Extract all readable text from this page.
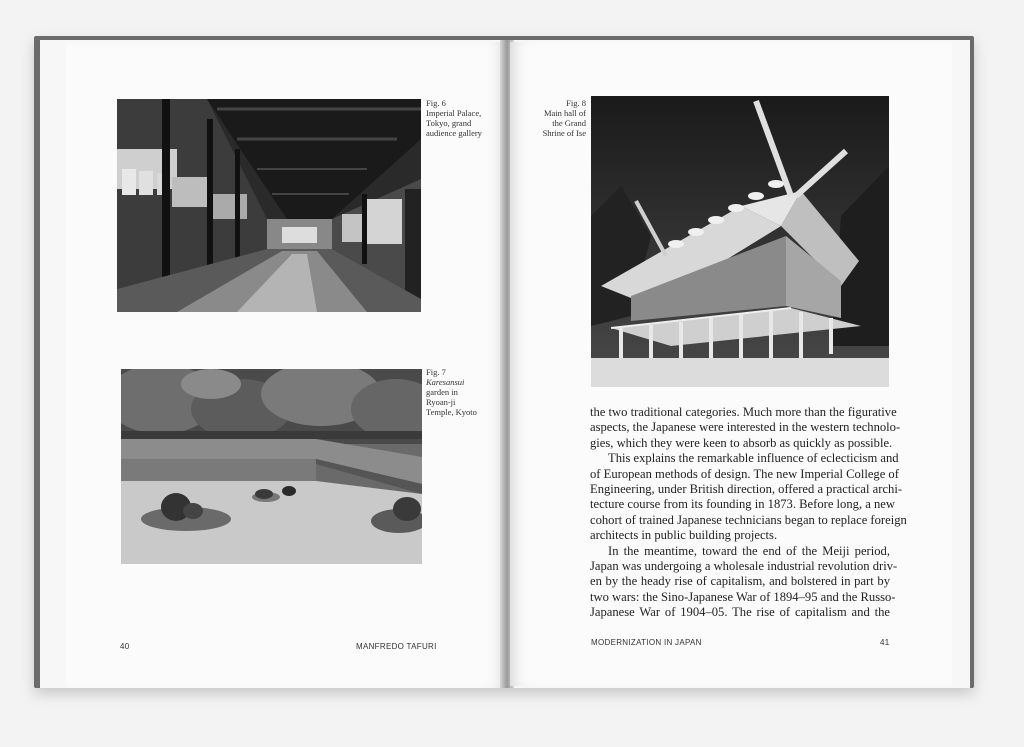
Fig. 6
Imperial Palace,
Tokyo, grand
audience gallery
Fig. 7
Karesansui
garden in
Ryoan-ji
Temple, Kyoto
40	MANFREDO TAFURI
Fig. 8
Main hall of
the Grand
Shrine of Ise
the two traditional categories. Much more than the figurative
aspects, the Japanese were interested in the western technolo-
gies, which they were keen to absorb as quickly as possible.
This explains the remarkable influence of eclecticism and
of European methods of design. The new Imperial College of
Engineering, under British direction, offered a practical archi-
tecture course from its founding in 1873. Before long, a new
cohort of trained Japanese technicians began to replace foreign
architects in public building projects.
In the meantime, toward the end of the Meiji period,
Japan was undergoing a wholesale industrial revolution driv-
en by the heady rise of capitalism, and bolstered in part by
two wars: the Sino-Japanese War of 1894–95 and the Russo-
Japanese War of 1904–05. The rise of capitalism and the
MODERNIZATION IN JAPAN	41
